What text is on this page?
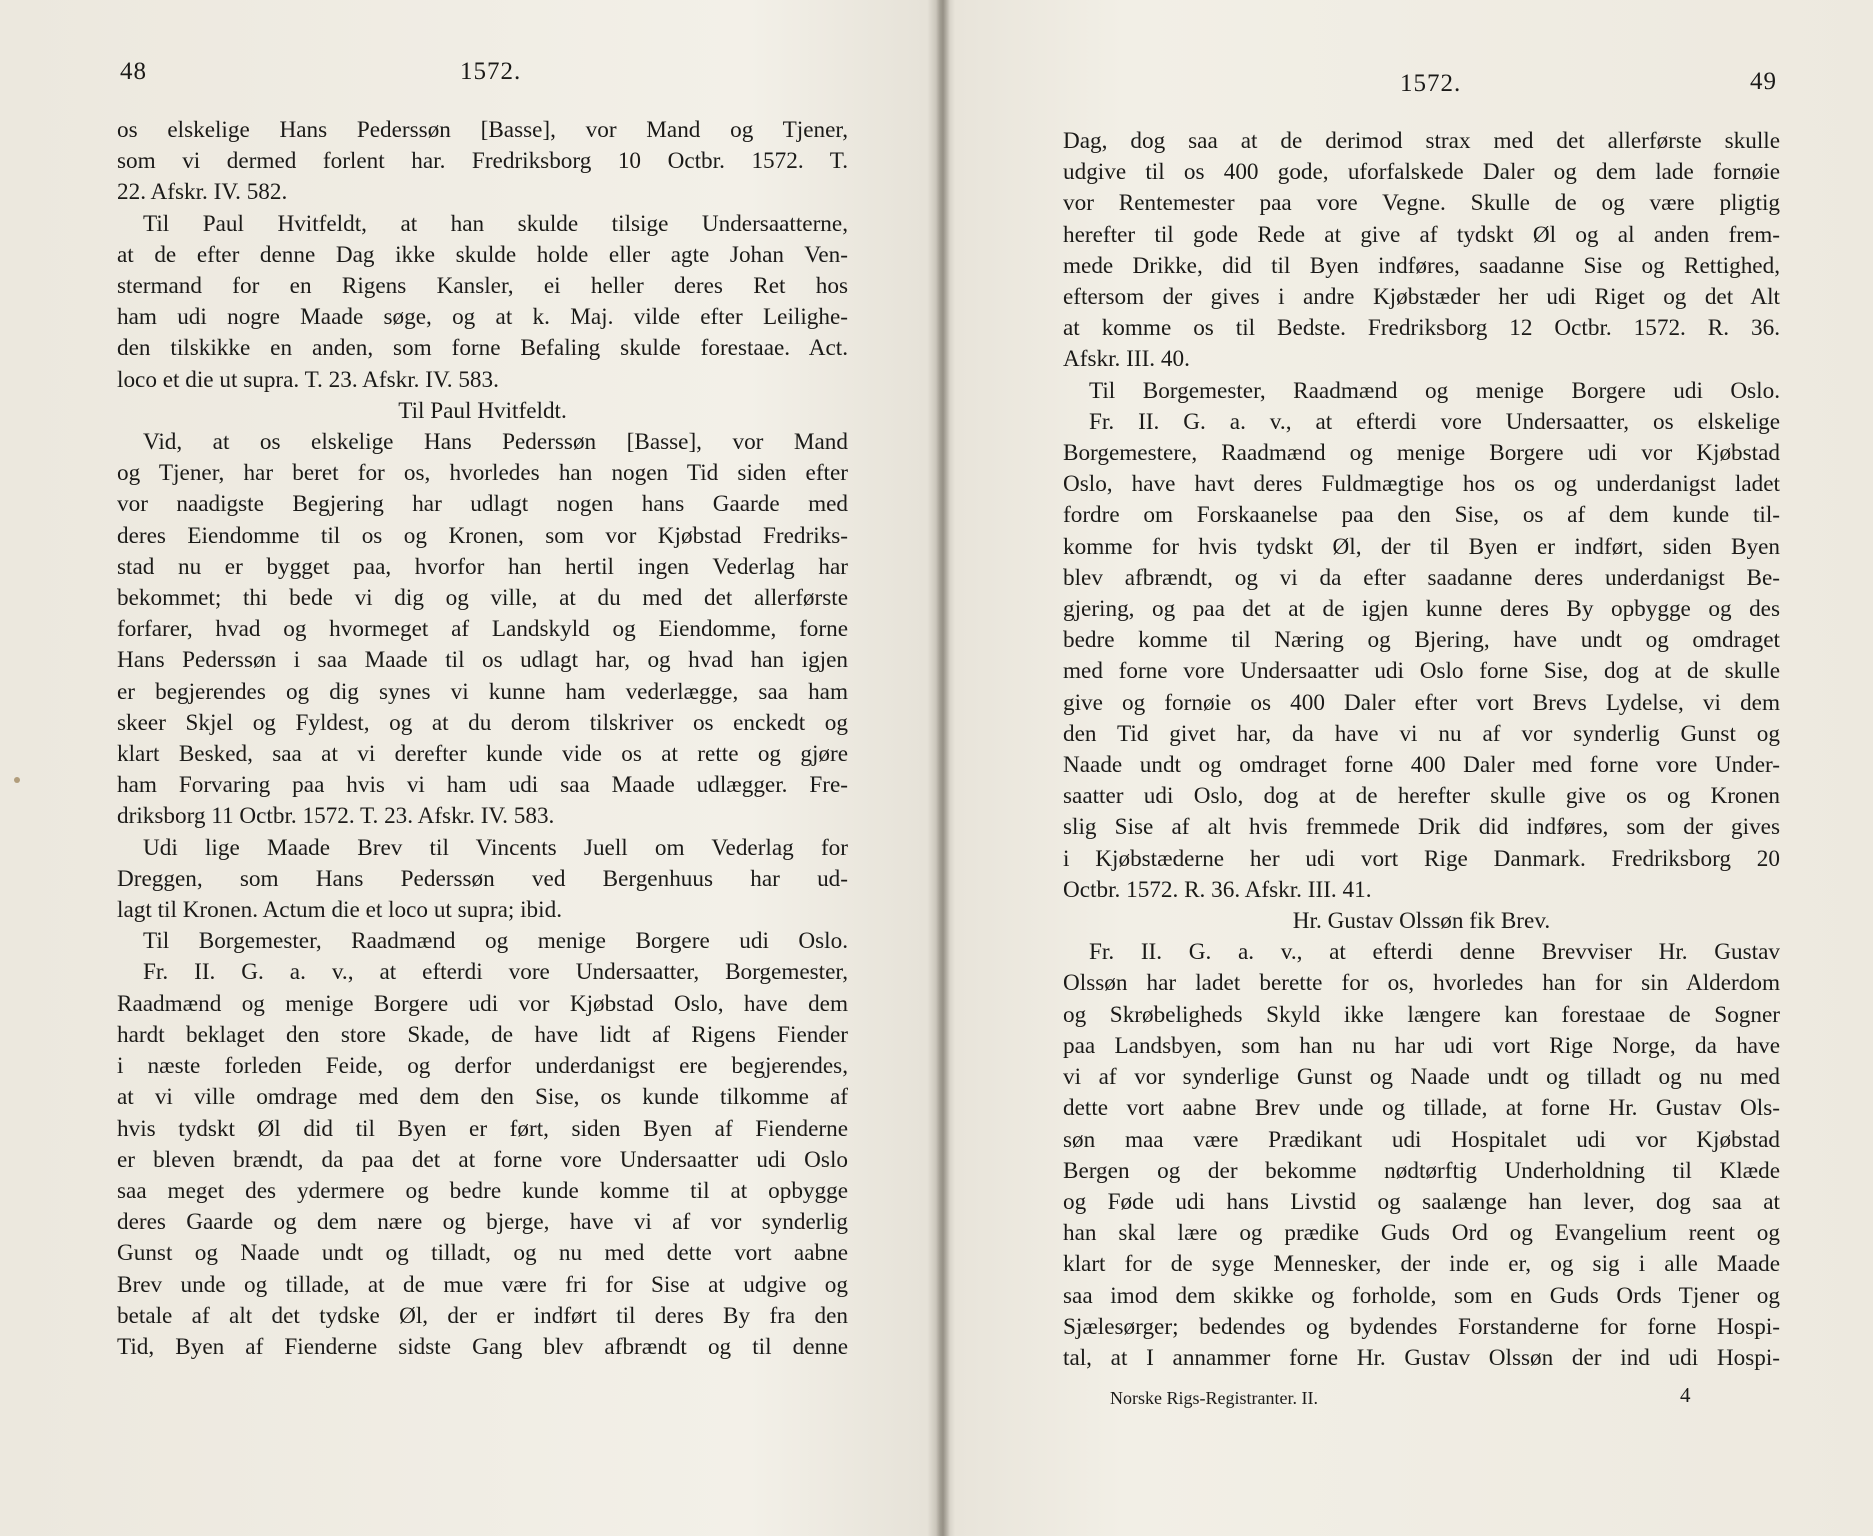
48	1572.
os elskelige Hans Pederssøn [Basse], vor Mand og Tjener,
som vi dermed forlent har. Fredriksborg 10 Octbr. 1572. T.
22. Afskr. IV. 582.
Til Paul Hvitfeldt, at han skulde tilsige Undersaatterne,
at de efter denne Dag ikke skulde holde eller agte Johan Ven-
stermand for en Rigens Kansler, ei heller deres Ret hos
ham udi nogre Maade søge, og at k. Maj. vilde efter Leilighe-
den tilskikke en anden, som forne Befaling skulde forestaae. Act.
loco et die ut supra. T. 23. Afskr. IV. 583.
Til Paul Hvitfeldt.
Vid, at os elskelige Hans Pederssøn [Basse], vor Mand
og Tjener, har beret for os, hvorledes han nogen Tid siden efter
vor naadigste Begjering har udlagt nogen hans Gaarde med
deres Eiendomme til os og Kronen, som vor Kjøbstad Fredriks-
stad nu er bygget paa, hvorfor han hertil ingen Vederlag har
bekommet; thi bede vi dig og ville, at du med det allerførste
forfarer, hvad og hvormeget af Landskyld og Eiendomme, forne
Hans Pederssøn i saa Maade til os udlagt har, og hvad han igjen
er begjerendes og dig synes vi kunne ham vederlægge, saa ham
skeer Skjel og Fyldest, og at du derom tilskriver os enckedt og
klart Besked, saa at vi derefter kunde vide os at rette og gjøre
ham Forvaring paa hvis vi ham udi saa Maade udlægger. Fre-
driksborg 11 Octbr. 1572. T. 23. Afskr. IV. 583.
Udi lige Maade Brev til Vincents Juell om Vederlag for
Dreggen, som Hans Pederssøn ved Bergenhuus har ud-
lagt til Kronen. Actum die et loco ut supra; ibid.
Til Borgemester, Raadmænd og menige Borgere udi Oslo.
Fr. II. G. a. v., at efterdi vore Undersaatter, Borgemester,
Raadmænd og menige Borgere udi vor Kjøbstad Oslo, have dem
hardt beklaget den store Skade, de have lidt af Rigens Fiender
i næste forleden Feide, og derfor underdanigst ere begjerendes,
at vi ville omdrage med dem den Sise, os kunde tilkomme af
hvis tydskt Øl did til Byen er ført, siden Byen af Fienderne
er bleven brændt, da paa det at forne vore Undersaatter udi Oslo
saa meget des ydermere og bedre kunde komme til at opbygge
deres Gaarde og dem nære og bjerge, have vi af vor synderlig
Gunst og Naade undt og tilladt, og nu med dette vort aabne
Brev unde og tillade, at de mue være fri for Sise at udgive og
betale af alt det tydske Øl, der er indført til deres By fra den
Tid, Byen af Fienderne sidste Gang blev afbrændt og til denne
1572.	49
Dag, dog saa at de derimod strax med det allerførste skulle
udgive til os 400 gode, uforfalskede Daler og dem lade fornøie
vor Rentemester paa vore Vegne. Skulle de og være pligtig
herefter til gode Rede at give af tydskt Øl og al anden frem-
mede Drikke, did til Byen indføres, saadanne Sise og Rettighed,
eftersom der gives i andre Kjøbstæder her udi Riget og det Alt
at komme os til Bedste. Fredriksborg 12 Octbr. 1572. R. 36.
Afskr. III. 40.
Til Borgemester, Raadmænd og menige Borgere udi Oslo.
Fr. II. G. a. v., at efterdi vore Undersaatter, os elskelige
Borgemestere, Raadmænd og menige Borgere udi vor Kjøbstad
Oslo, have havt deres Fuldmægtige hos os og underdanigst ladet
fordre om Forskaanelse paa den Sise, os af dem kunde til-
komme for hvis tydskt Øl, der til Byen er indført, siden Byen
blev afbrændt, og vi da efter saadanne deres underdanigst Be-
gjering, og paa det at de igjen kunne deres By opbygge og des
bedre komme til Næring og Bjering, have undt og omdraget
med forne vore Undersaatter udi Oslo forne Sise, dog at de skulle
give og fornøie os 400 Daler efter vort Brevs Lydelse, vi dem
den Tid givet har, da have vi nu af vor synderlig Gunst og
Naade undt og omdraget forne 400 Daler med forne vore Under-
saatter udi Oslo, dog at de herefter skulle give os og Kronen
slig Sise af alt hvis fremmede Drik did indføres, som der gives
i Kjøbstæderne her udi vort Rige Danmark. Fredriksborg 20
Octbr. 1572. R. 36. Afskr. III. 41.
Hr. Gustav Olssøn fik Brev.
Fr. II. G. a. v., at efterdi denne Brevviser Hr. Gustav
Olssøn har ladet berette for os, hvorledes han for sin Alderdom
og Skrøbeligheds Skyld ikke længere kan forestaae de Sogner
paa Landsbyen, som han nu har udi vort Rige Norge, da have
vi af vor synderlige Gunst og Naade undt og tilladt og nu med
dette vort aabne Brev unde og tillade, at forne Hr. Gustav Ols-
søn maa være Prædikant udi Hospitalet udi vor Kjøbstad
Bergen og der bekomme nødtørftig Underholdning til Klæde
og Føde udi hans Livstid og saalænge han lever, dog saa at
han skal lære og prædike Guds Ord og Evangelium reent og
klart for de syge Mennesker, der inde er, og sig i alle Maade
saa imod dem skikke og forholde, som en Guds Ords Tjener og
Sjælesørger; bedendes og bydendes Forstanderne for forne Hospi-
tal, at I annammer forne Hr. Gustav Olssøn der ind udi Hospi-
Norske Rigs-Registranter. II.	4
